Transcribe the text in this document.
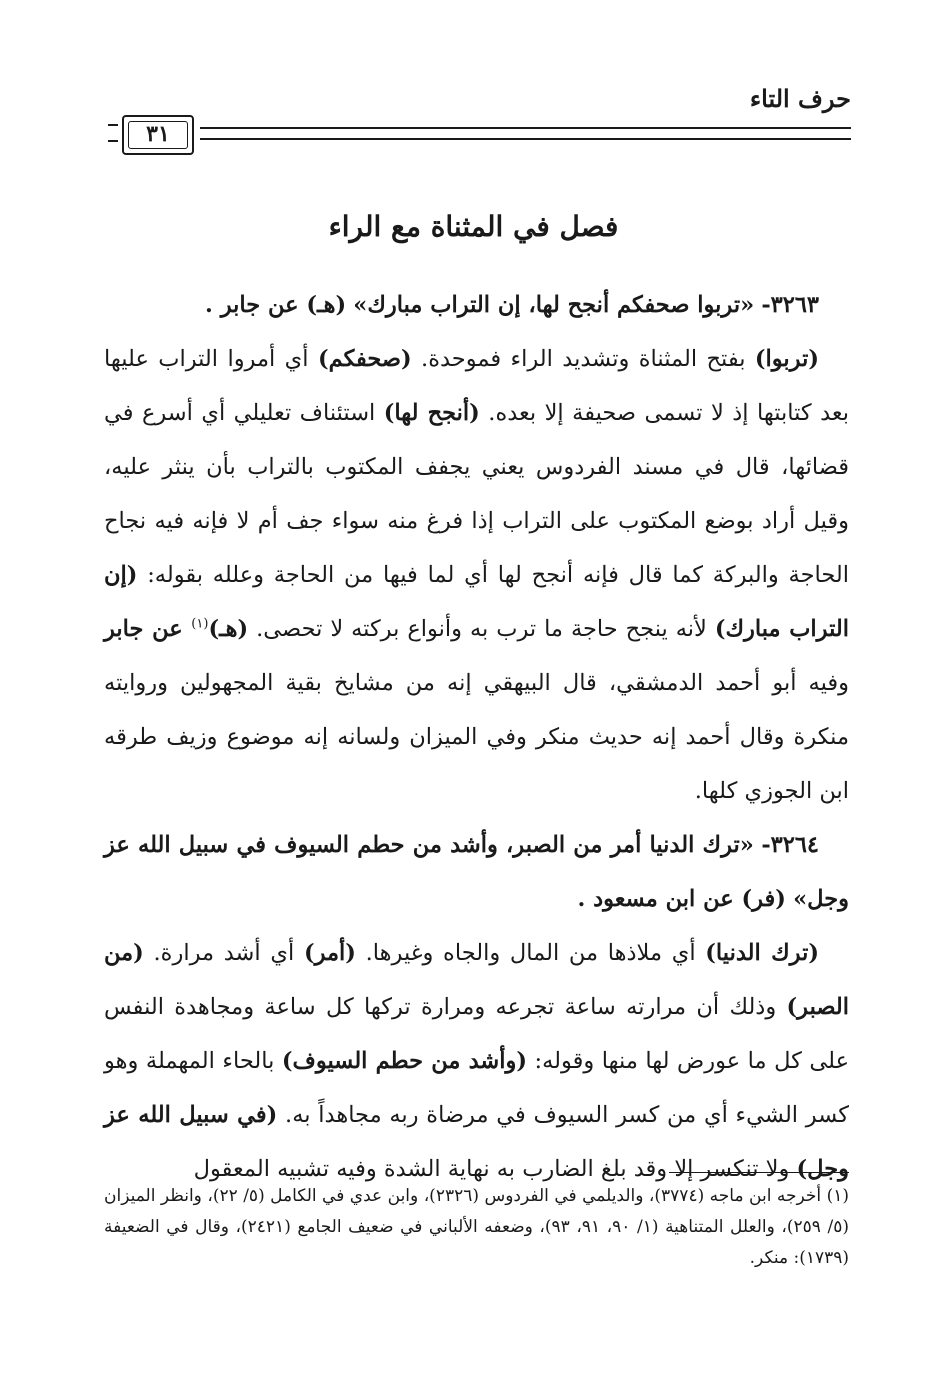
حرف التاء
٣١
فصل في المثناة مع الراء

٣٢٦٣- «تربوا صحفكم أنجح لها، إن التراب مبارك» (هـ) عن جابر .

(تربوا) بفتح المثناة وتشديد الراء فموحدة. (صحفكم) أي أمروا التراب عليها بعد كتابتها إذ لا تسمى صحيفة إلا بعده. (أنجح لها) استئناف تعليلي أي أسرع في قضائها، قال في مسند الفردوس يعني يجفف المكتوب بالتراب بأن ينثر عليه، وقيل أراد بوضع المكتوب على التراب إذا فرغ منه سواء جف أم لا فإنه فيه نجاح الحاجة والبركة كما قال فإنه أنجح لها أي لما فيها من الحاجة وعلله بقوله: (إن التراب مبارك) لأنه ينجح حاجة ما ترب به وأنواع بركته لا تحصى. (هـ)$^{(١)}$ عن جابر وفيه أبو أحمد الدمشقي، قال البيهقي إنه من مشايخ بقية المجهولين وروايته منكرة وقال أحمد إنه حديث منكر وفي الميزان ولسانه إنه موضوع وزيف طرقه ابن الجوزي كلها.

٣٢٦٤- «ترك الدنيا أمر من الصبر، وأشد من حطم السيوف في سبيل الله عز وجل» (فر) عن ابن مسعود .

(ترك الدنيا) أي ملاذها من المال والجاه وغيرها. (أمر) أي أشد مرارة. (من الصبر) وذلك أن مرارته ساعة تجرعه ومرارة تركها كل ساعة ومجاهدة النفس على كل ما عورض لها منها وقوله: (وأشد من حطم السيوف) بالحاء المهملة وهو كسر الشيء أي من كسر السيوف في مرضاة ربه مجاهداً به. (في سبيل الله عز وجل) ولا تنكسر إلا وقد بلغ الضارب به نهاية الشدة وفيه تشبيه المعقول

(١) أخرجه ابن ماجه (٣٧٧٤)، والديلمي في الفردوس (٢٣٢٦)، وابن عدي في الكامل (٥/ ٢٢)، وانظر الميزان (٥/ ٢٥٩)، والعلل المتناهية (١/ ٩٠، ٩١، ٩٣)، وضعفه الألباني في ضعيف الجامع (٢٤٢١)، وقال في الضعيفة (١٧٣٩): منكر.
